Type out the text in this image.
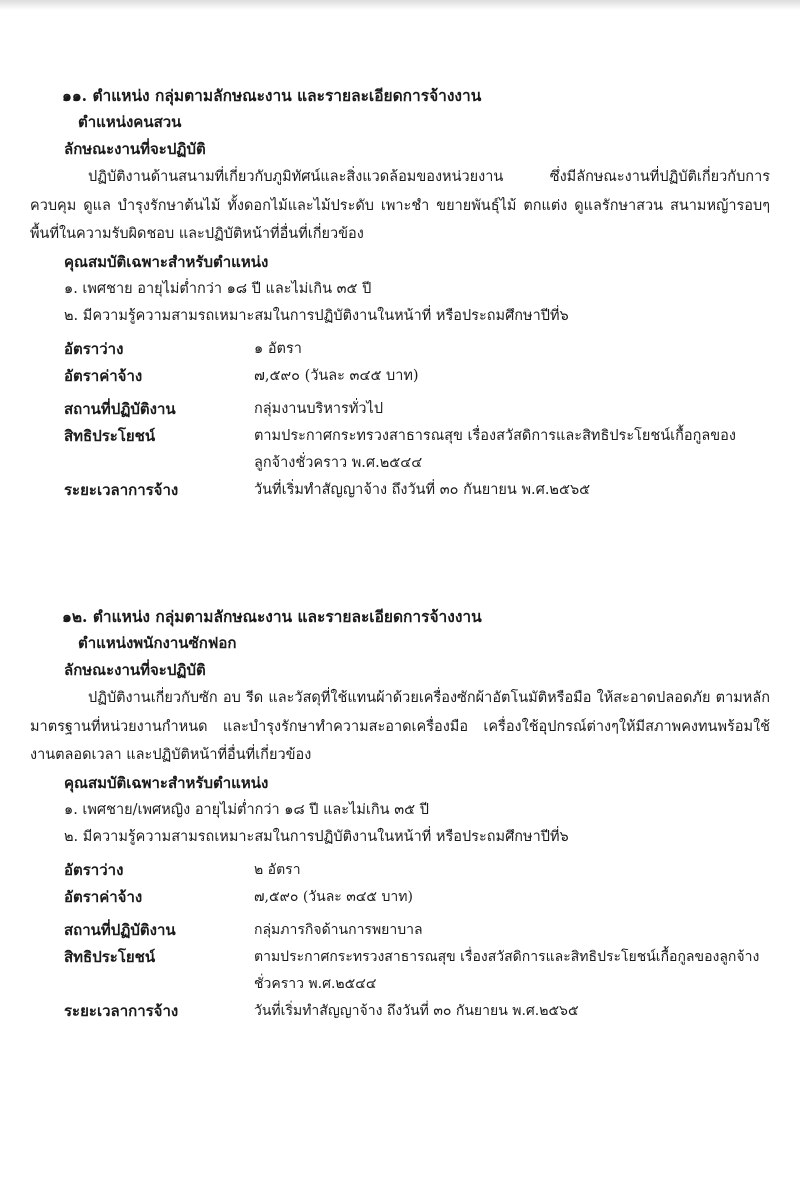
๑๑. ตำแหน่ง กลุ่มตามลักษณะงาน และรายละเอียดการจ้างงาน
ตำแหน่งคนสวน
ลักษณะงานที่จะปฏิบัติ
ปฏิบัติงานด้านสนามที่เกี่ยวกับภูมิทัศน์และสิ่งแวดล้อมของหน่วยงาน ซึ่งมีลักษณะงานที่ปฏิบัติเกี่ยวกับการควบคุม ดูแล บำรุงรักษาต้นไม้ ทั้งดอกไม้และไม้ประดับ เพาะชำ ขยายพันธุ์ไม้ ตกแต่ง ดูแลรักษาสวน สนามหญ้ารอบๆพื้นที่ในความรับผิดชอบ และปฏิบัติหน้าที่อื่นที่เกี่ยวข้อง
คุณสมบัติเฉพาะสำหรับตำแหน่ง
๑. เพศชาย อายุไม่ต่ำกว่า ๑๘ ปี และไม่เกิน ๓๕ ปี
๒. มีความรู้ความสามรถเหมาะสมในการปฏิบัติงานในหน้าที่ หรือประถมศึกษาปีที่๖
อัตราว่าง	๑ อัตรา
อัตราค่าจ้าง	๗,๕๙๐ (วันละ ๓๔๕ บาท)
สถานที่ปฏิบัติงาน	กลุ่มงานบริหารทั่วไป
สิทธิประโยชน์	ตามประกาศกระทรวงสาธารณสุข เรื่องสวัสดิการและสิทธิประโยชน์เกื้อกูลของลูกจ้างชั่วคราว พ.ศ.๒๕๔๔
ระยะเวลาการจ้าง	วันที่เริ่มทำสัญญาจ้าง ถึงวันที่ ๓๐ กันยายน พ.ศ.๒๕๖๕
๑๒. ตำแหน่ง กลุ่มตามลักษณะงาน และรายละเอียดการจ้างงาน
ตำแหน่งพนักงานซักฟอก
ลักษณะงานที่จะปฏิบัติ
ปฏิบัติงานเกี่ยวกับซัก อบ รีด และวัสดุที่ใช้แทนผ้าด้วยเครื่องซักผ้าอัตโนมัติหรือมือ ให้สะอาดปลอดภัย ตามหลักมาตรฐานที่หน่วยงานกำหนด และบำรุงรักษาทำความสะอาดเครื่องมือ เครื่องใช้อุปกรณ์ต่างๆให้มีสภาพคงทนพร้อมใช้งานตลอดเวลา และปฏิบัติหน้าที่อื่นที่เกี่ยวข้อง
คุณสมบัติเฉพาะสำหรับตำแหน่ง
๑. เพศชาย/เพศหญิง อายุไม่ต่ำกว่า ๑๘ ปี และไม่เกิน ๓๕ ปี
๒. มีความรู้ความสามรถเหมาะสมในการปฏิบัติงานในหน้าที่ หรือประถมศึกษาปีที่๖
อัตราว่าง	๒ อัตรา
อัตราค่าจ้าง	๗,๕๙๐ (วันละ ๓๔๕ บาท)
สถานที่ปฏิบัติงาน	กลุ่มภารกิจด้านการพยาบาล
สิทธิประโยชน์	ตามประกาศกระทรวงสาธารณสุข เรื่องสวัสดิการและสิทธิประโยชน์เกื้อกูลของลูกจ้างชั่วคราว พ.ศ.๒๕๔๔
ระยะเวลาการจ้าง	วันที่เริ่มทำสัญญาจ้าง ถึงวันที่ ๓๐ กันยายน พ.ศ.๒๕๖๕
